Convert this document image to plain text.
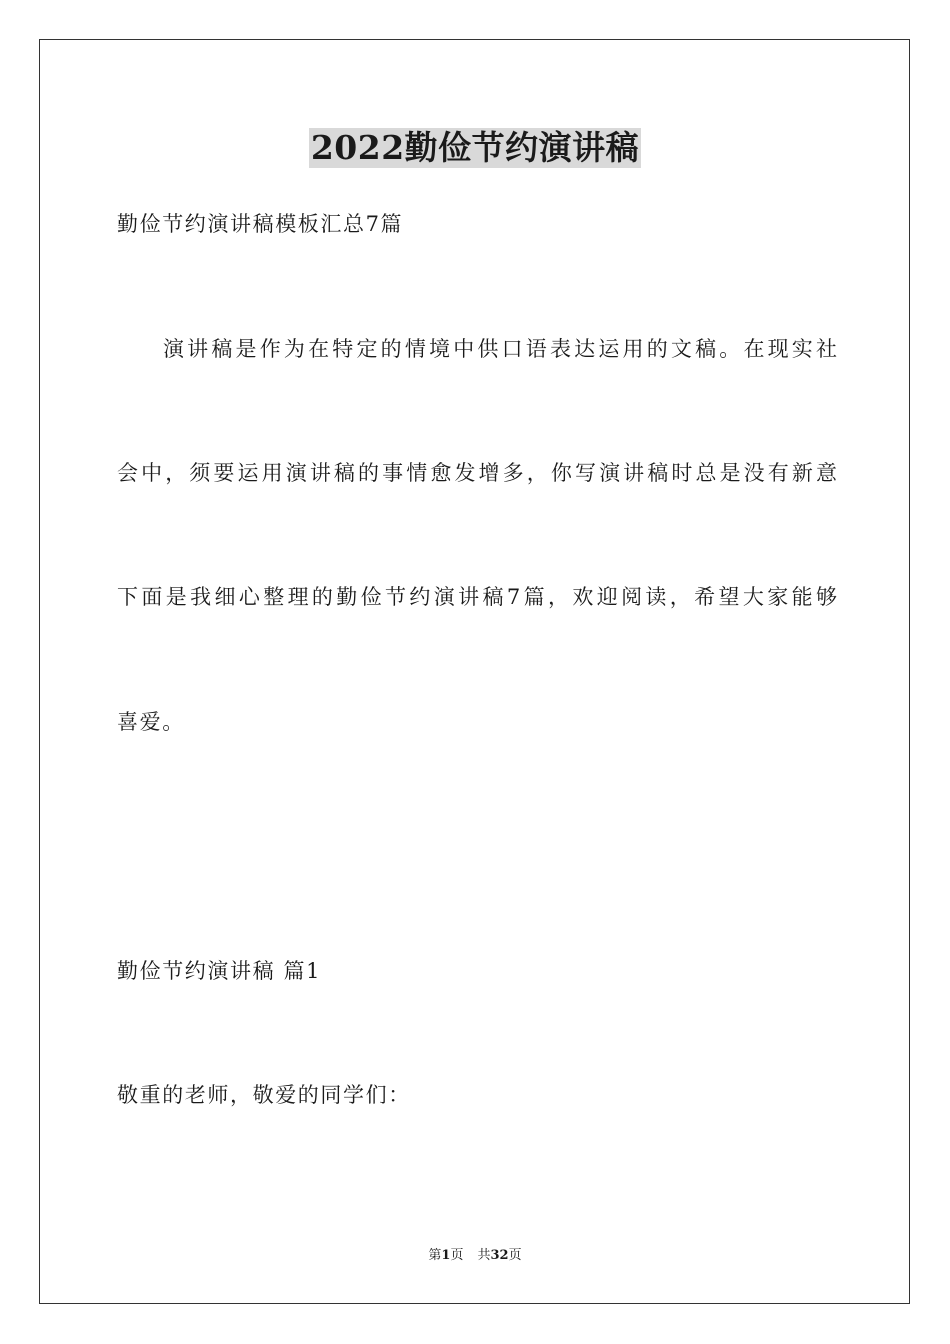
2022勤俭节约演讲稿
勤俭节约演讲稿模板汇总7篇
演讲稿是作为在特定的情境中供口语表达运用的文稿。在现实社
会中，须要运用演讲稿的事情愈发增多，你写演讲稿时总是没有新意
下面是我细心整理的勤俭节约演讲稿7篇，欢迎阅读，希望大家能够
喜爱。
勤俭节约演讲稿 篇1
敬重的老师，敬爱的同学们：
第1页 共32页
